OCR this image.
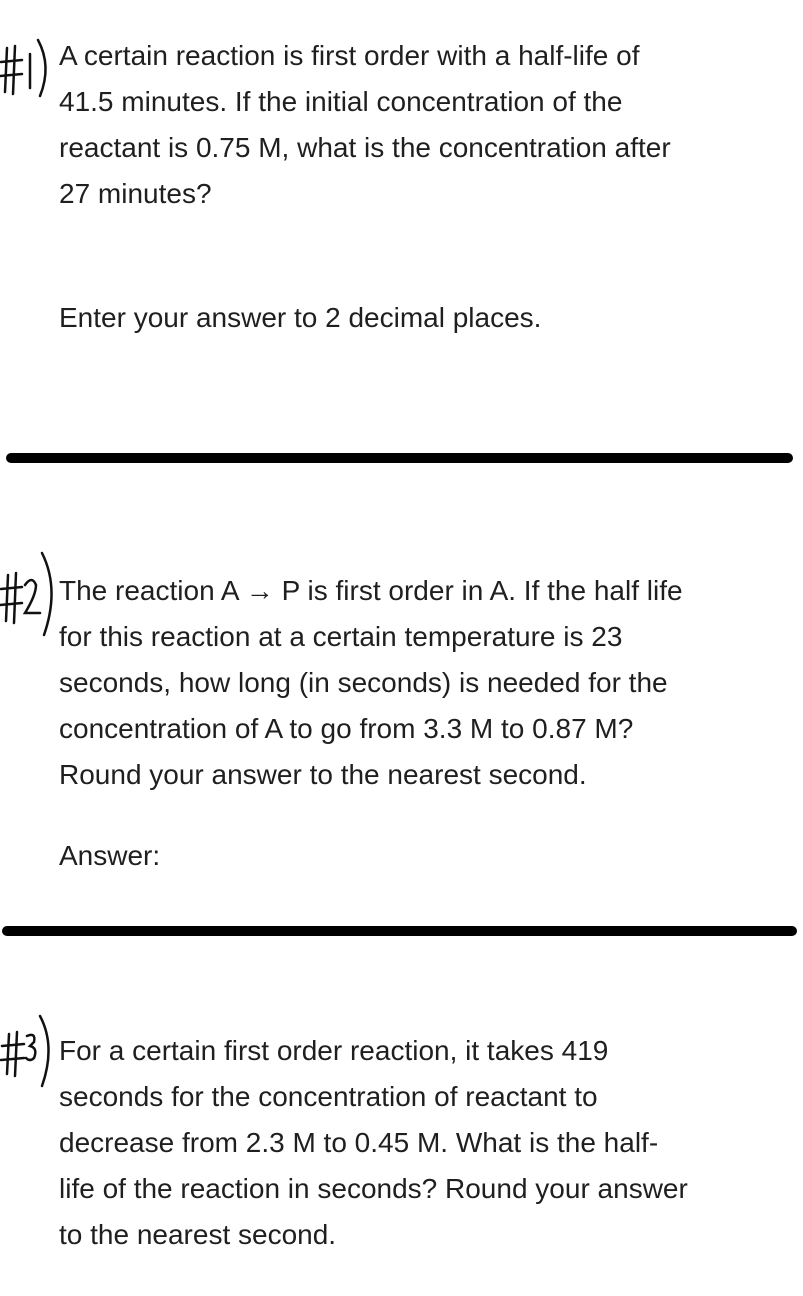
A certain reaction is first order with a half-life of
41.5 minutes. If the initial concentration of the
reactant is 0.75 M, what is the concentration after
27 minutes?

Enter your answer to 2 decimal places.

The reaction A → P is first order in A. If the half life
for this reaction at a certain temperature is 23
seconds, how long (in seconds) is needed for the
concentration of A to go from 3.3 M to 0.87 M?
Round your answer to the nearest second.

Answer:

For a certain first order reaction, it takes 419
seconds for the concentration of reactant to
decrease from 2.3 M to 0.45 M. What is the half-
life of the reaction in seconds? Round your answer
to the nearest second.
